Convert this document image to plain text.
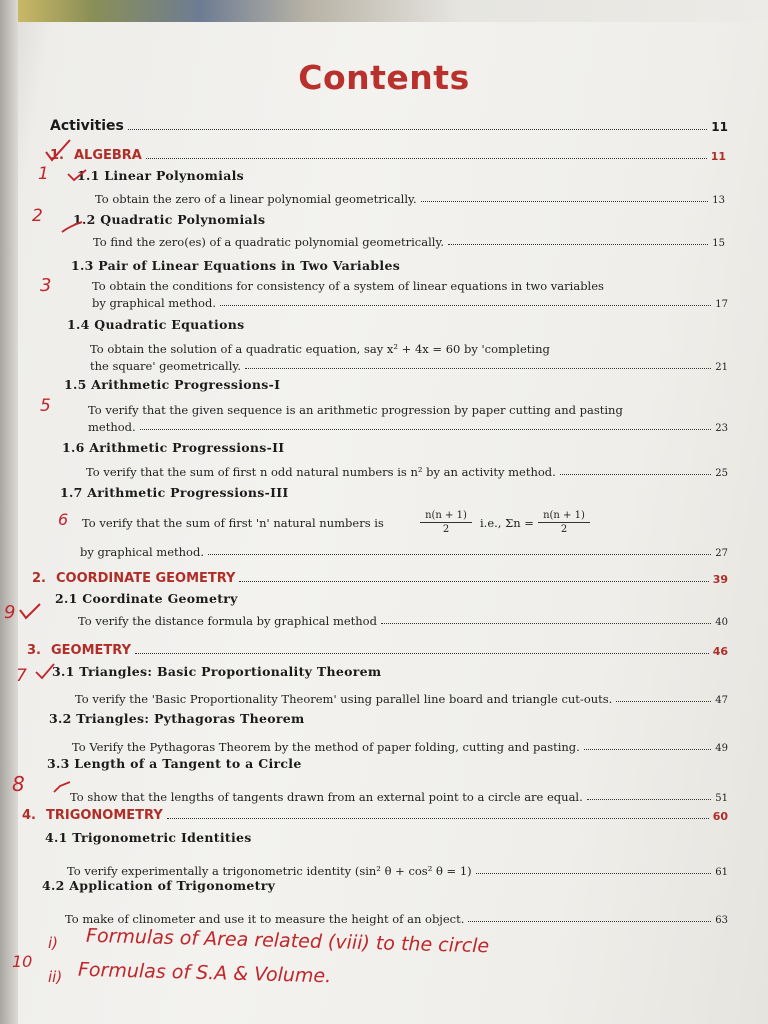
Contents
Activities	11
1. ALGEBRA	11
1.1 Linear Polynomials
To obtain the zero of a linear polynomial geometrically.	13
1.2 Quadratic Polynomials
To find the zero(es) of a quadratic polynomial geometrically.	15
1.3 Pair of Linear Equations in Two Variables
To obtain the conditions for consistency of a system of linear equations in two variables
by graphical method.	17
1.4 Quadratic Equations
To obtain the solution of a quadratic equation, say x² + 4x = 60 by 'completing
the square' geometrically.	21
1.5 Arithmetic Progressions-I
To verify that the given sequence is an arithmetic progression by paper cutting and pasting
method.	23
1.6 Arithmetic Progressions-II
To verify that the sum of first n odd natural numbers is n² by an activity method.	25
1.7 Arithmetic Progressions-III
To verify that the sum of first 'n' natural numbers is	$\frac{n(n + 1)}{2} i.e$., $\Sigma n = \frac{n(n + 1)}{2}$
by graphical method.	27
2. COORDINATE GEOMETRY	39
2.1 Coordinate Geometry
To verify the distance formula by graphical method	40
3. GEOMETRY	46
3.1 Triangles: Basic Proportionality Theorem
To verify the 'Basic Proportionality Theorem' using parallel line board and triangle cut-outs.	47
3.2 Triangles: Pythagoras Theorem
To Verify the Pythagoras Theorem by the method of paper folding, cutting and pasting.	49
3.3 Length of a Tangent to a Circle
To show that the lengths of tangents drawn from an external point to a circle are equal.	51
4. TRIGONOMETRY	60
4.1 Trigonometric Identities
To verify experimentally a trigonometric identity (sin² θ + cos² θ = 1)	61
4.2 Application of Trigonometry
To make of clinometer and use it to measure the height of an object.	63
1
2
3
5
6
9
7
8
10
i) Formulas of Area related (viii) to the circle
ii) Formulas of S.A & Volume.
